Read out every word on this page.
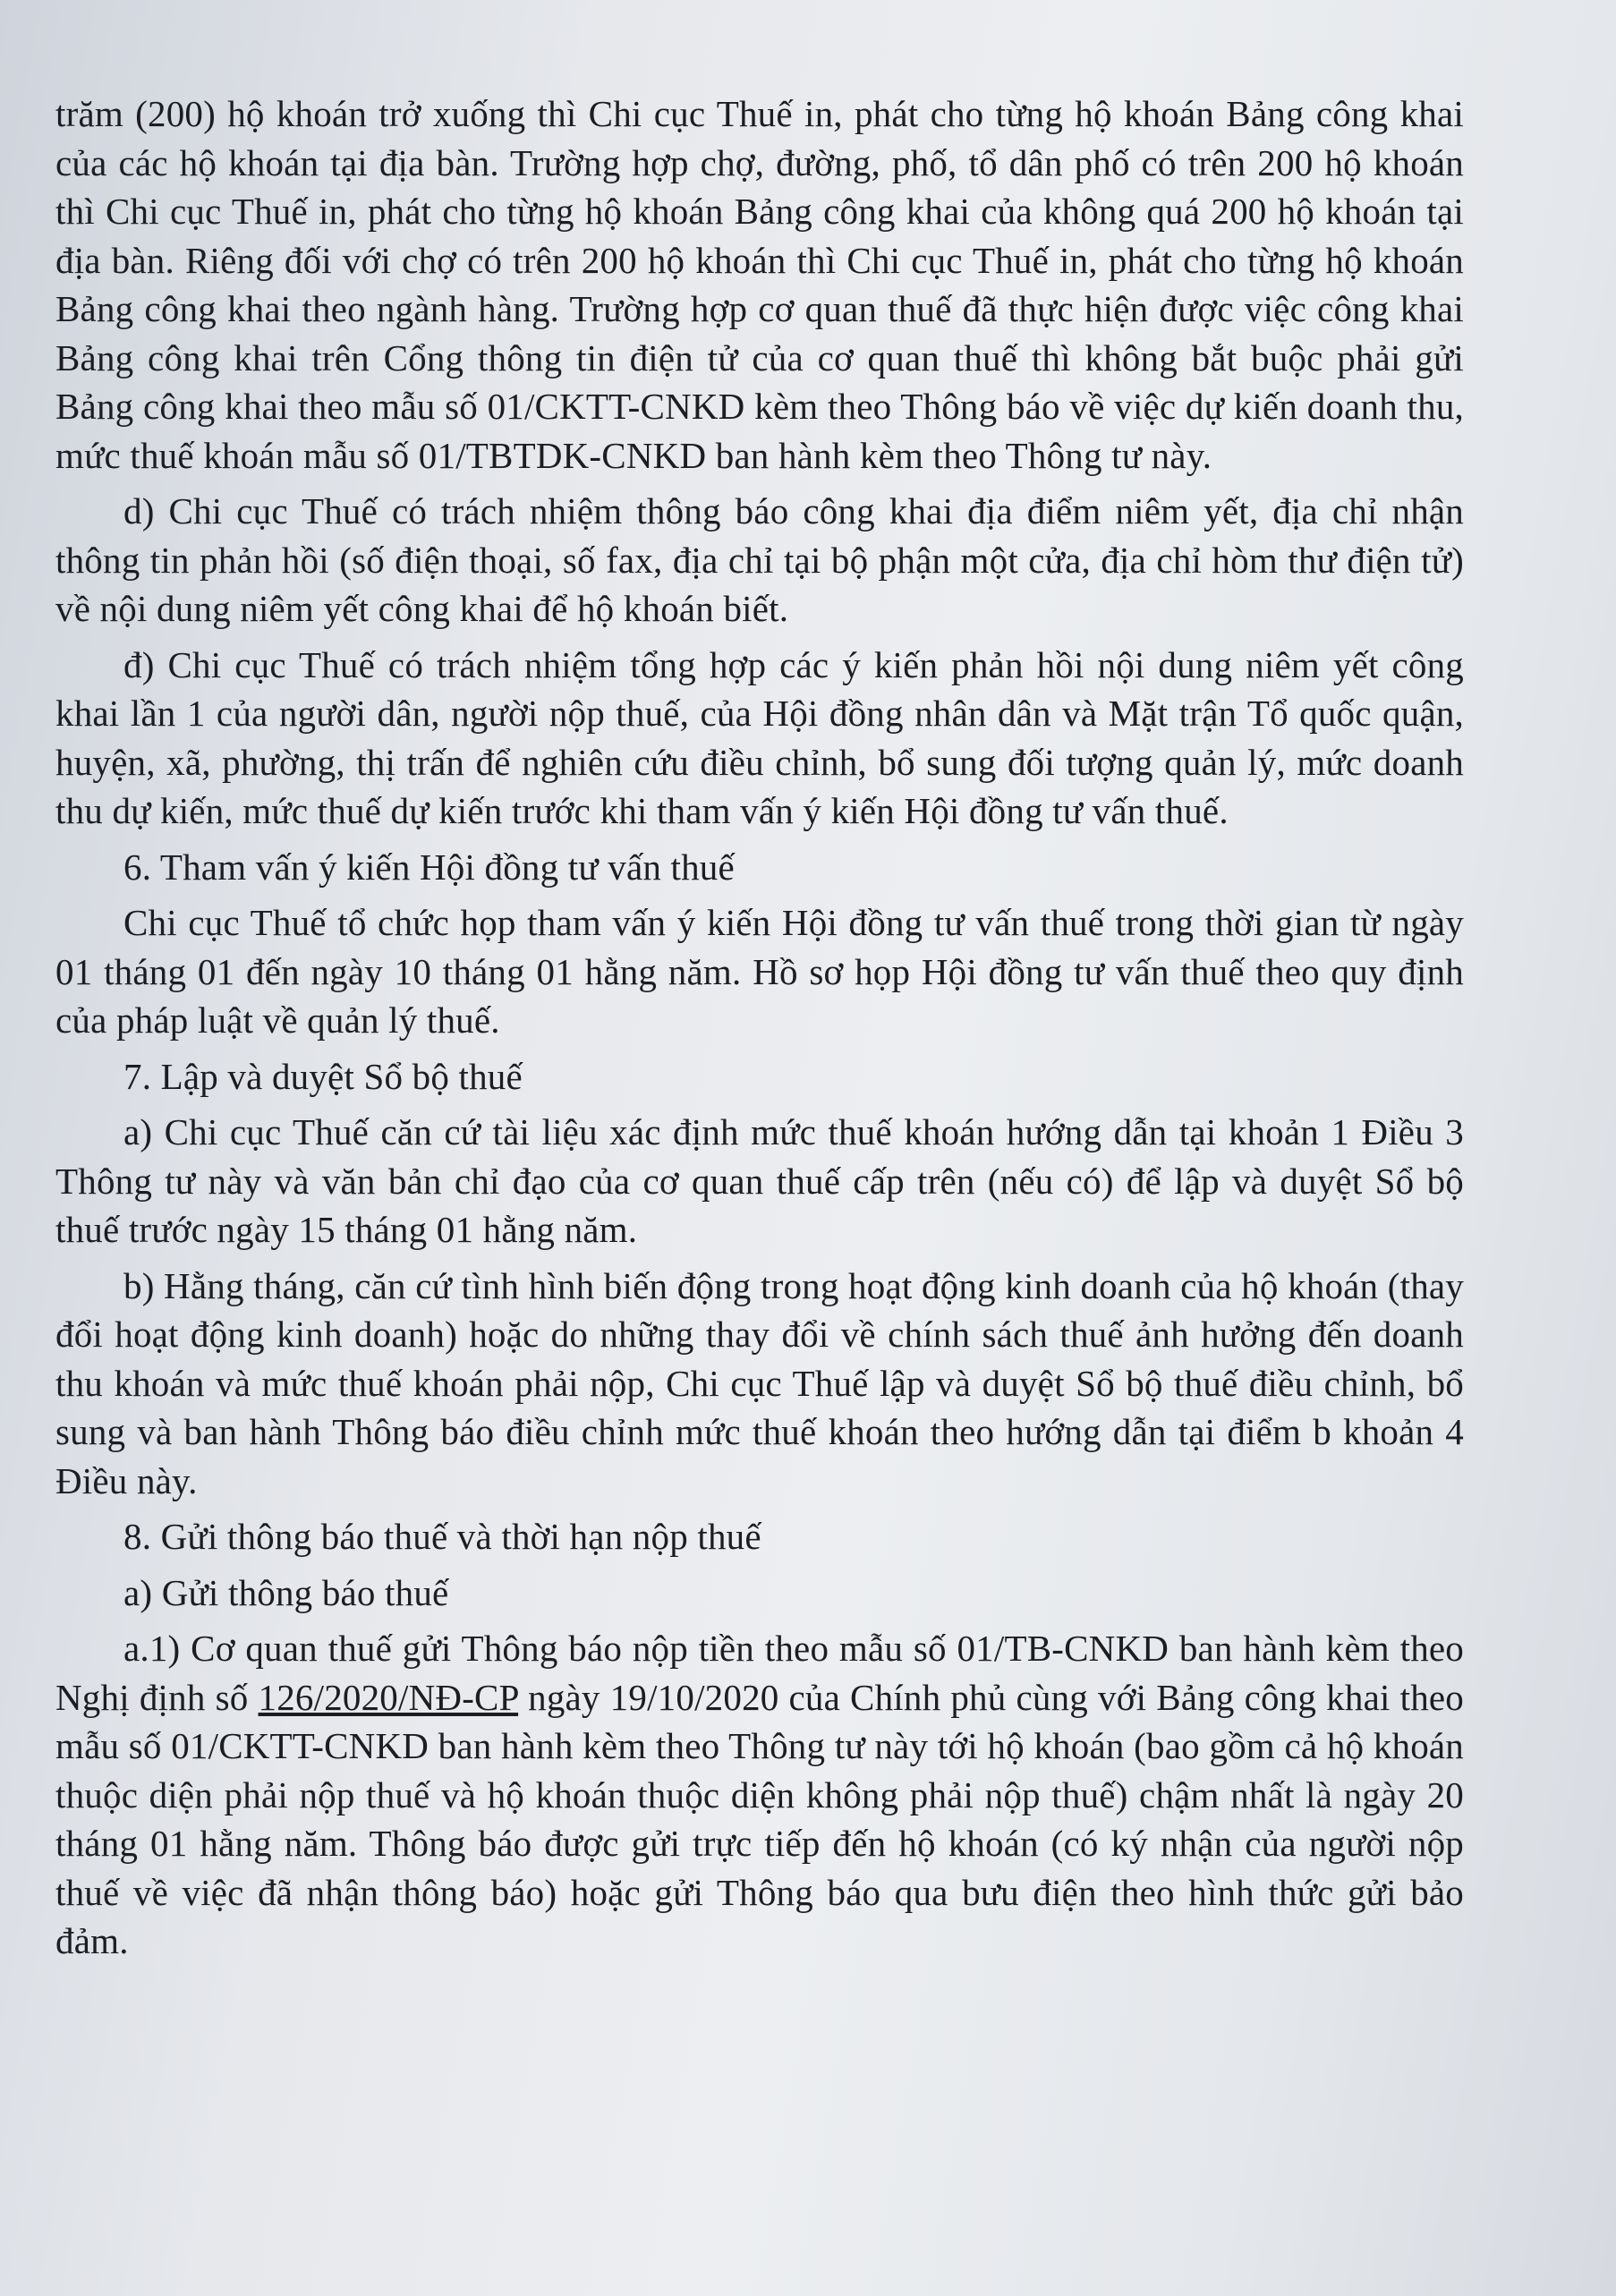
trăm (200) hộ khoán trở xuống thì Chi cục Thuế in, phát cho từng hộ khoán Bảng công khai của các hộ khoán tại địa bàn. Trường hợp chợ, đường, phố, tổ dân phố có trên 200 hộ khoán thì Chi cục Thuế in, phát cho từng hộ khoán Bảng công khai của không quá 200 hộ khoán tại địa bàn. Riêng đối với chợ có trên 200 hộ khoán thì Chi cục Thuế in, phát cho từng hộ khoán Bảng công khai theo ngành hàng. Trường hợp cơ quan thuế đã thực hiện được việc công khai Bảng công khai trên Cổng thông tin điện tử của cơ quan thuế thì không bắt buộc phải gửi Bảng công khai theo mẫu số 01/CKTT-CNKD kèm theo Thông báo về việc dự kiến doanh thu, mức thuế khoán mẫu số 01/TBTDK-CNKD ban hành kèm theo Thông tư này.

d) Chi cục Thuế có trách nhiệm thông báo công khai địa điểm niêm yết, địa chỉ nhận thông tin phản hồi (số điện thoại, số fax, địa chỉ tại bộ phận một cửa, địa chỉ hòm thư điện tử) về nội dung niêm yết công khai để hộ khoán biết.

đ) Chi cục Thuế có trách nhiệm tổng hợp các ý kiến phản hồi nội dung niêm yết công khai lần 1 của người dân, người nộp thuế, của Hội đồng nhân dân và Mặt trận Tổ quốc quận, huyện, xã, phường, thị trấn để nghiên cứu điều chỉnh, bổ sung đối tượng quản lý, mức doanh thu dự kiến, mức thuế dự kiến trước khi tham vấn ý kiến Hội đồng tư vấn thuế.

6. Tham vấn ý kiến Hội đồng tư vấn thuế

Chi cục Thuế tổ chức họp tham vấn ý kiến Hội đồng tư vấn thuế trong thời gian từ ngày 01 tháng 01 đến ngày 10 tháng 01 hằng năm. Hồ sơ họp Hội đồng tư vấn thuế theo quy định của pháp luật về quản lý thuế.

7. Lập và duyệt Sổ bộ thuế

a) Chi cục Thuế căn cứ tài liệu xác định mức thuế khoán hướng dẫn tại khoản 1 Điều 3 Thông tư này và văn bản chỉ đạo của cơ quan thuế cấp trên (nếu có) để lập và duyệt Sổ bộ thuế trước ngày 15 tháng 01 hằng năm.

b) Hằng tháng, căn cứ tình hình biến động trong hoạt động kinh doanh của hộ khoán (thay đổi hoạt động kinh doanh) hoặc do những thay đổi về chính sách thuế ảnh hưởng đến doanh thu khoán và mức thuế khoán phải nộp, Chi cục Thuế lập và duyệt Sổ bộ thuế điều chỉnh, bổ sung và ban hành Thông báo điều chỉnh mức thuế khoán theo hướng dẫn tại điểm b khoản 4 Điều này.

8. Gửi thông báo thuế và thời hạn nộp thuế

a) Gửi thông báo thuế

a.1) Cơ quan thuế gửi Thông báo nộp tiền theo mẫu số 01/TB-CNKD ban hành kèm theo Nghị định số 126/2020/NĐ-CP ngày 19/10/2020 của Chính phủ cùng với Bảng công khai theo mẫu số 01/CKTT-CNKD ban hành kèm theo Thông tư này tới hộ khoán (bao gồm cả hộ khoán thuộc diện phải nộp thuế và hộ khoán thuộc diện không phải nộp thuế) chậm nhất là ngày 20 tháng 01 hằng năm. Thông báo được gửi trực tiếp đến hộ khoán (có ký nhận của người nộp thuế về việc đã nhận thông báo) hoặc gửi Thông báo qua bưu điện theo hình thức gửi bảo đảm.
